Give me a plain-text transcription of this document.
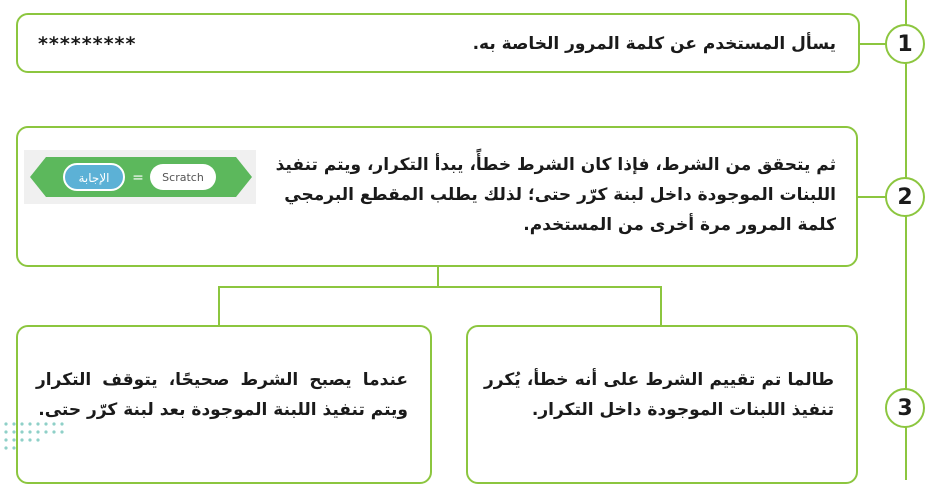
1
يسأل المستخدم عن كلمة المرور الخاصة به.
*********
2
ثم يتحقق من الشرط، فإذا كان الشرط خطأً، يبدأ التكرار، ويتم تنفيذ
اللبنات الموجودة داخل لبنة كرّر حتى؛ لذلك يطلب المقطع البرمجي
كلمة المرور مرة أخرى من المستخدم.
الإجابة = Scratch
3
طالما تم تقييم الشرط على أنه خطأ، يُكرر تنفيذ اللبنات الموجودة داخل التكرار.
عندما يصبح الشرط صحيحًا، يتوقف التكرار ويتم تنفيذ اللبنة الموجودة بعد لبنة كرّر حتى.
